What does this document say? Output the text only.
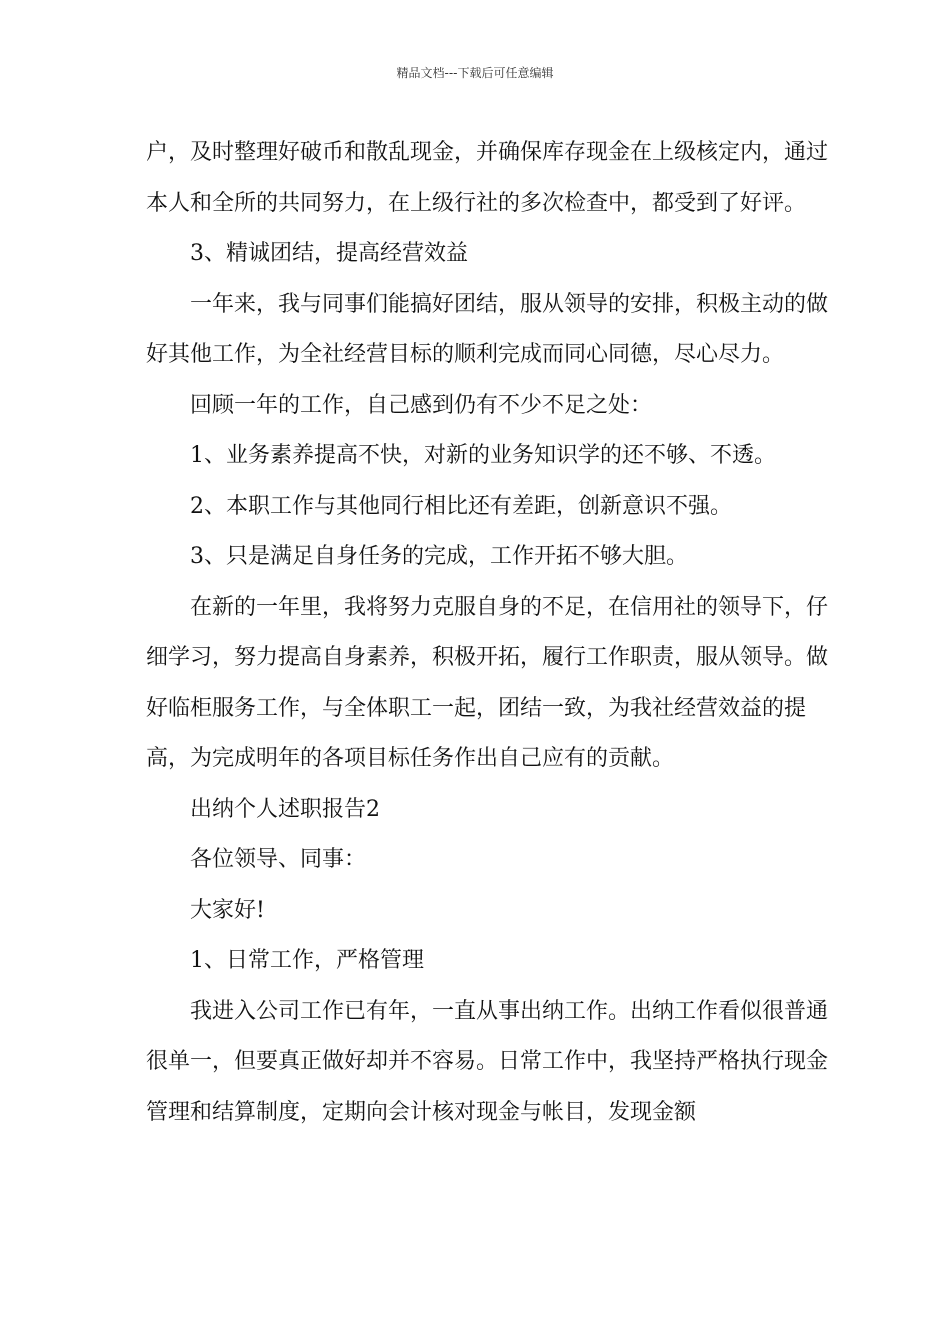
精品文档---下载后可任意编辑

户，及时整理好破币和散乱现金，并确保库存现金在上级核定内，通过本人和全所的共同努力，在上级行社的多次检查中，都受到了好评。

3、精诚团结，提高经营效益

一年来，我与同事们能搞好团结，服从领导的安排，积极主动的做好其他工作，为全社经营目标的顺利完成而同心同德，尽心尽力。

回顾一年的工作，自己感到仍有不少不足之处：

1、业务素养提高不快，对新的业务知识学的还不够、不透。

2、本职工作与其他同行相比还有差距，创新意识不强。

3、只是满足自身任务的完成，工作开拓不够大胆。

在新的一年里，我将努力克服自身的不足，在信用社的领导下，仔细学习，努力提高自身素养，积极开拓，履行工作职责，服从领导。做好临柜服务工作，与全体职工一起，团结一致，为我社经营效益的提高，为完成明年的各项目标任务作出自己应有的贡献。

出纳个人述职报告2

各位领导、同事：

大家好!

1、日常工作，严格管理

我进入公司工作已有年，一直从事出纳工作。出纳工作看似很普通很单一，但要真正做好却并不容易。日常工作中，我坚持严格执行现金管理和结算制度，定期向会计核对现金与帐目，发现金额
